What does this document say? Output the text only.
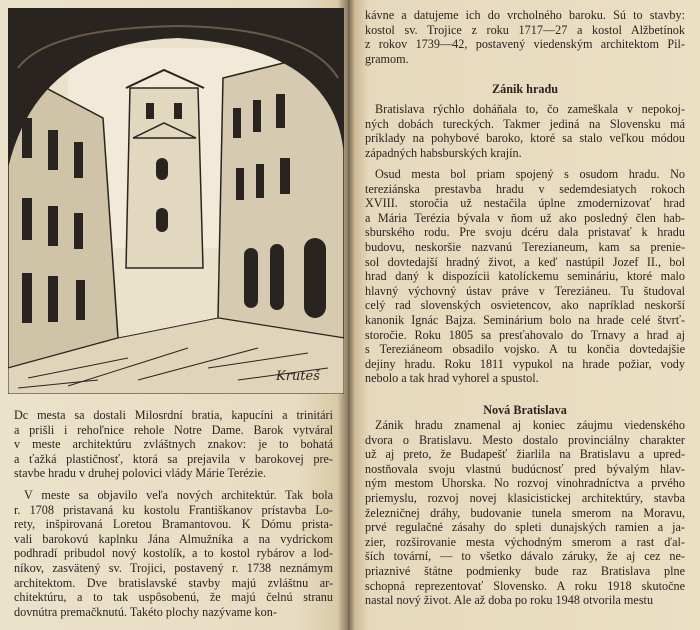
Kruteš
Dc mesta sa dostali Milosrdní bratia, kapucíni a trinitári
a prišli i rehoľnice rehole Notre Dame. Barok vytváral
v meste architektúru zvláštnych znakov: je to bohatá
a ťažká plastičnosť, ktorá sa prejavila v barokovej pre-
stavbe hradu v druhej polovici vlády Márie Terézie.
V meste sa objavilo veľa nových architektúr. Tak bola
r. 1708 pristavaná ku kostolu Františkanov prístavba Lo-
rety, inšpirovaná Loretou Bramantovou. K Dómu prista-
vali barokovú kaplnku Jána Almužníka a na vydrickom
podhradí pribudol nový kostolík, a to kostol rybárov a lod-
níkov, zasvätený sv. Trojici, postavený r. 1738 neznámym
architektom. Dve bratislavské stavby majú zvláštnu ar-
chitektúru, a to tak uspôsobenú, že majú čelnú stranu
dovnútra premačknutú. Takéto plochy nazývame kon-
kávne a datujeme ich do vrcholného baroku. Sú to stavby:
kostol sv. Trojice z roku 1717—27 a kostol Alžbetínok
z rokov 1739—42, postavený viedenským architektom Pil-
gramom.
Bratislava rýchlo doháňala to, čo zameškala v nepokoj-
ných dobách tureckých. Takmer jediná na Slovensku má
príklady na pohybové baroko, ktoré sa stalo veľkou módou
západných habsburských krajín.
Osud mesta bol priam spojený s osudom hradu. No
tereziánska prestavba hradu v sedemdesiatych rokoch
XVIII. storočia už nestačila úplne zmodernizovať hrad
a Mária Terézia bývala v ňom už ako posledný člen hab-
sburského rodu. Pre svoju dcéru dala pristavať k hradu
budovu, neskoršie nazvanú Terezianeum, kam sa prenie-
sol dovtedajší hradný život, a keď nastúpil Jozef II., bol
hrad daný k dispozícii katolíckemu semináriu, ktoré malo
hlavný výchovný ústav práve v Tereziáneu. Tu študoval
celý rad slovenských osvietencov, ako napríklad neskorší
kanonik Ignác Bajza. Seminárium bolo na hrade celé štvrť-
storočie. Roku 1805 sa presťahovalo do Trnavy a hrad aj
s Tereziáneom obsadilo vojsko. A tu končia dovtedajšie
dejiny hradu. Roku 1811 vypukol na hrade požiar, vody
nebolo a tak hrad vyhorel a spustol.
Zánik hradu znamenal aj koniec záujmu viedenského
dvora o Bratislavu. Mesto dostalo provinciálny charakter
už aj preto, že Budapešť žiarlila na Bratislavu a upred-
nostňovala svoju vlastnú budúcnosť pred bývalým hlav-
ným mestom Uhorska. No rozvoj vinohradníctva a prvého
priemyslu, rozvoj novej klasicistickej architektúry, stavba
železničnej dráhy, budovanie tunela smerom na Moravu,
prvé regulačné zásahy do spleti dunajských ramien a ja-
zier, rozširovanie mesta východným smerom a rast ďal-
ších tovární, — to všetko dávalo záruky, že aj cez ne-
priaznivé štátne podmienky bude raz Bratislava plne
schopná reprezentovať Slovensko. A roku 1918 skutočne
nastal nový život. Ale až doba po roku 1948 otvorila mestu
Zánik hradu
Nová Bratislava
